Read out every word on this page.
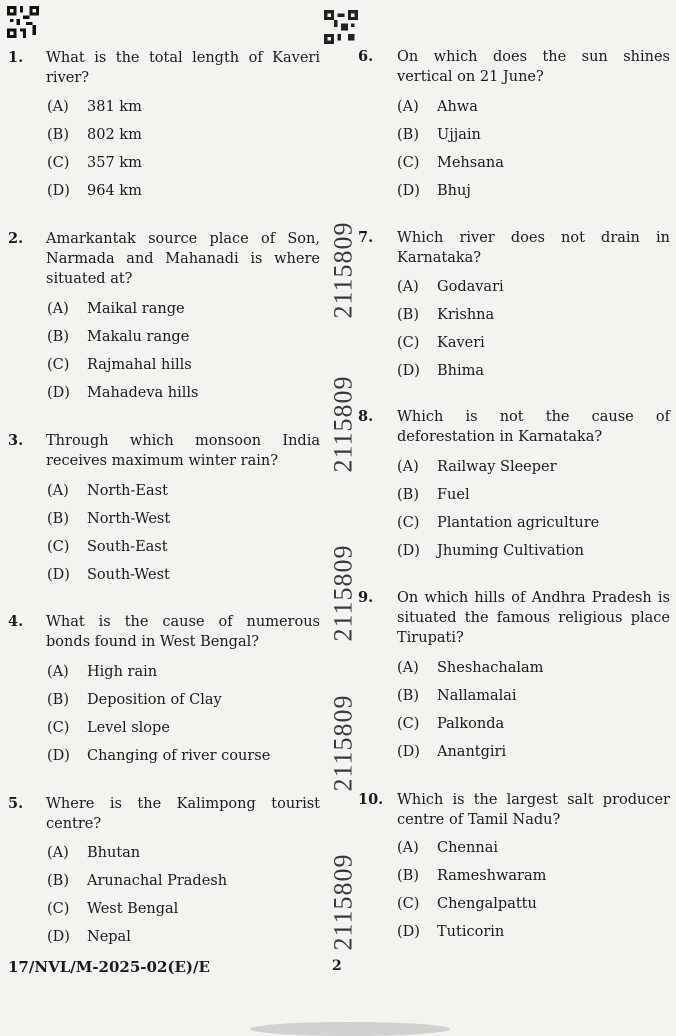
2115809
2115809
2115809
2115809
2115809
1. What is the total length of Kaveri river?
(A) 381 km
(B) 802 km
(C) 357 km
(D) 964 km
2. Amarkantak source place of Son, Narmada and Mahanadi is where situated at?
(A) Maikal range
(B) Makalu range
(C) Rajmahal hills
(D) Mahadeva hills
3. Through which monsoon India receives maximum winter rain?
(A) North-East
(B) North-West
(C) South-East
(D) South-West
4. What is the cause of numerous bonds found in West Bengal?
(A) High rain
(B) Deposition of Clay
(C) Level slope
(D) Changing of river course
5. Where is the Kalimpong tourist centre?
(A) Bhutan
(B) Arunachal Pradesh
(C) West Bengal
(D) Nepal
6. On which does the sun shines vertical on 21 June?
(A) Ahwa
(B) Ujjain
(C) Mehsana
(D) Bhuj
7. Which river does not drain in Karnataka?
(A) Godavari
(B) Krishna
(C) Kaveri
(D) Bhima
8. Which is not the cause of deforestation in Karnataka?
(A) Railway Sleeper
(B) Fuel
(C) Plantation agriculture
(D) Jhuming Cultivation
9. On which hills of Andhra Pradesh is situated the famous religious place Tirupati?
(A) Sheshachalam
(B) Nallamalai
(C) Palkonda
(D) Anantgiri
10. Which is the largest salt producer centre of Tamil Nadu?
(A) Chennai
(B) Rameshwaram
(C) Chengalpattu
(D) Tuticorin
17/NVL/M-2025-02(E)/E	2
